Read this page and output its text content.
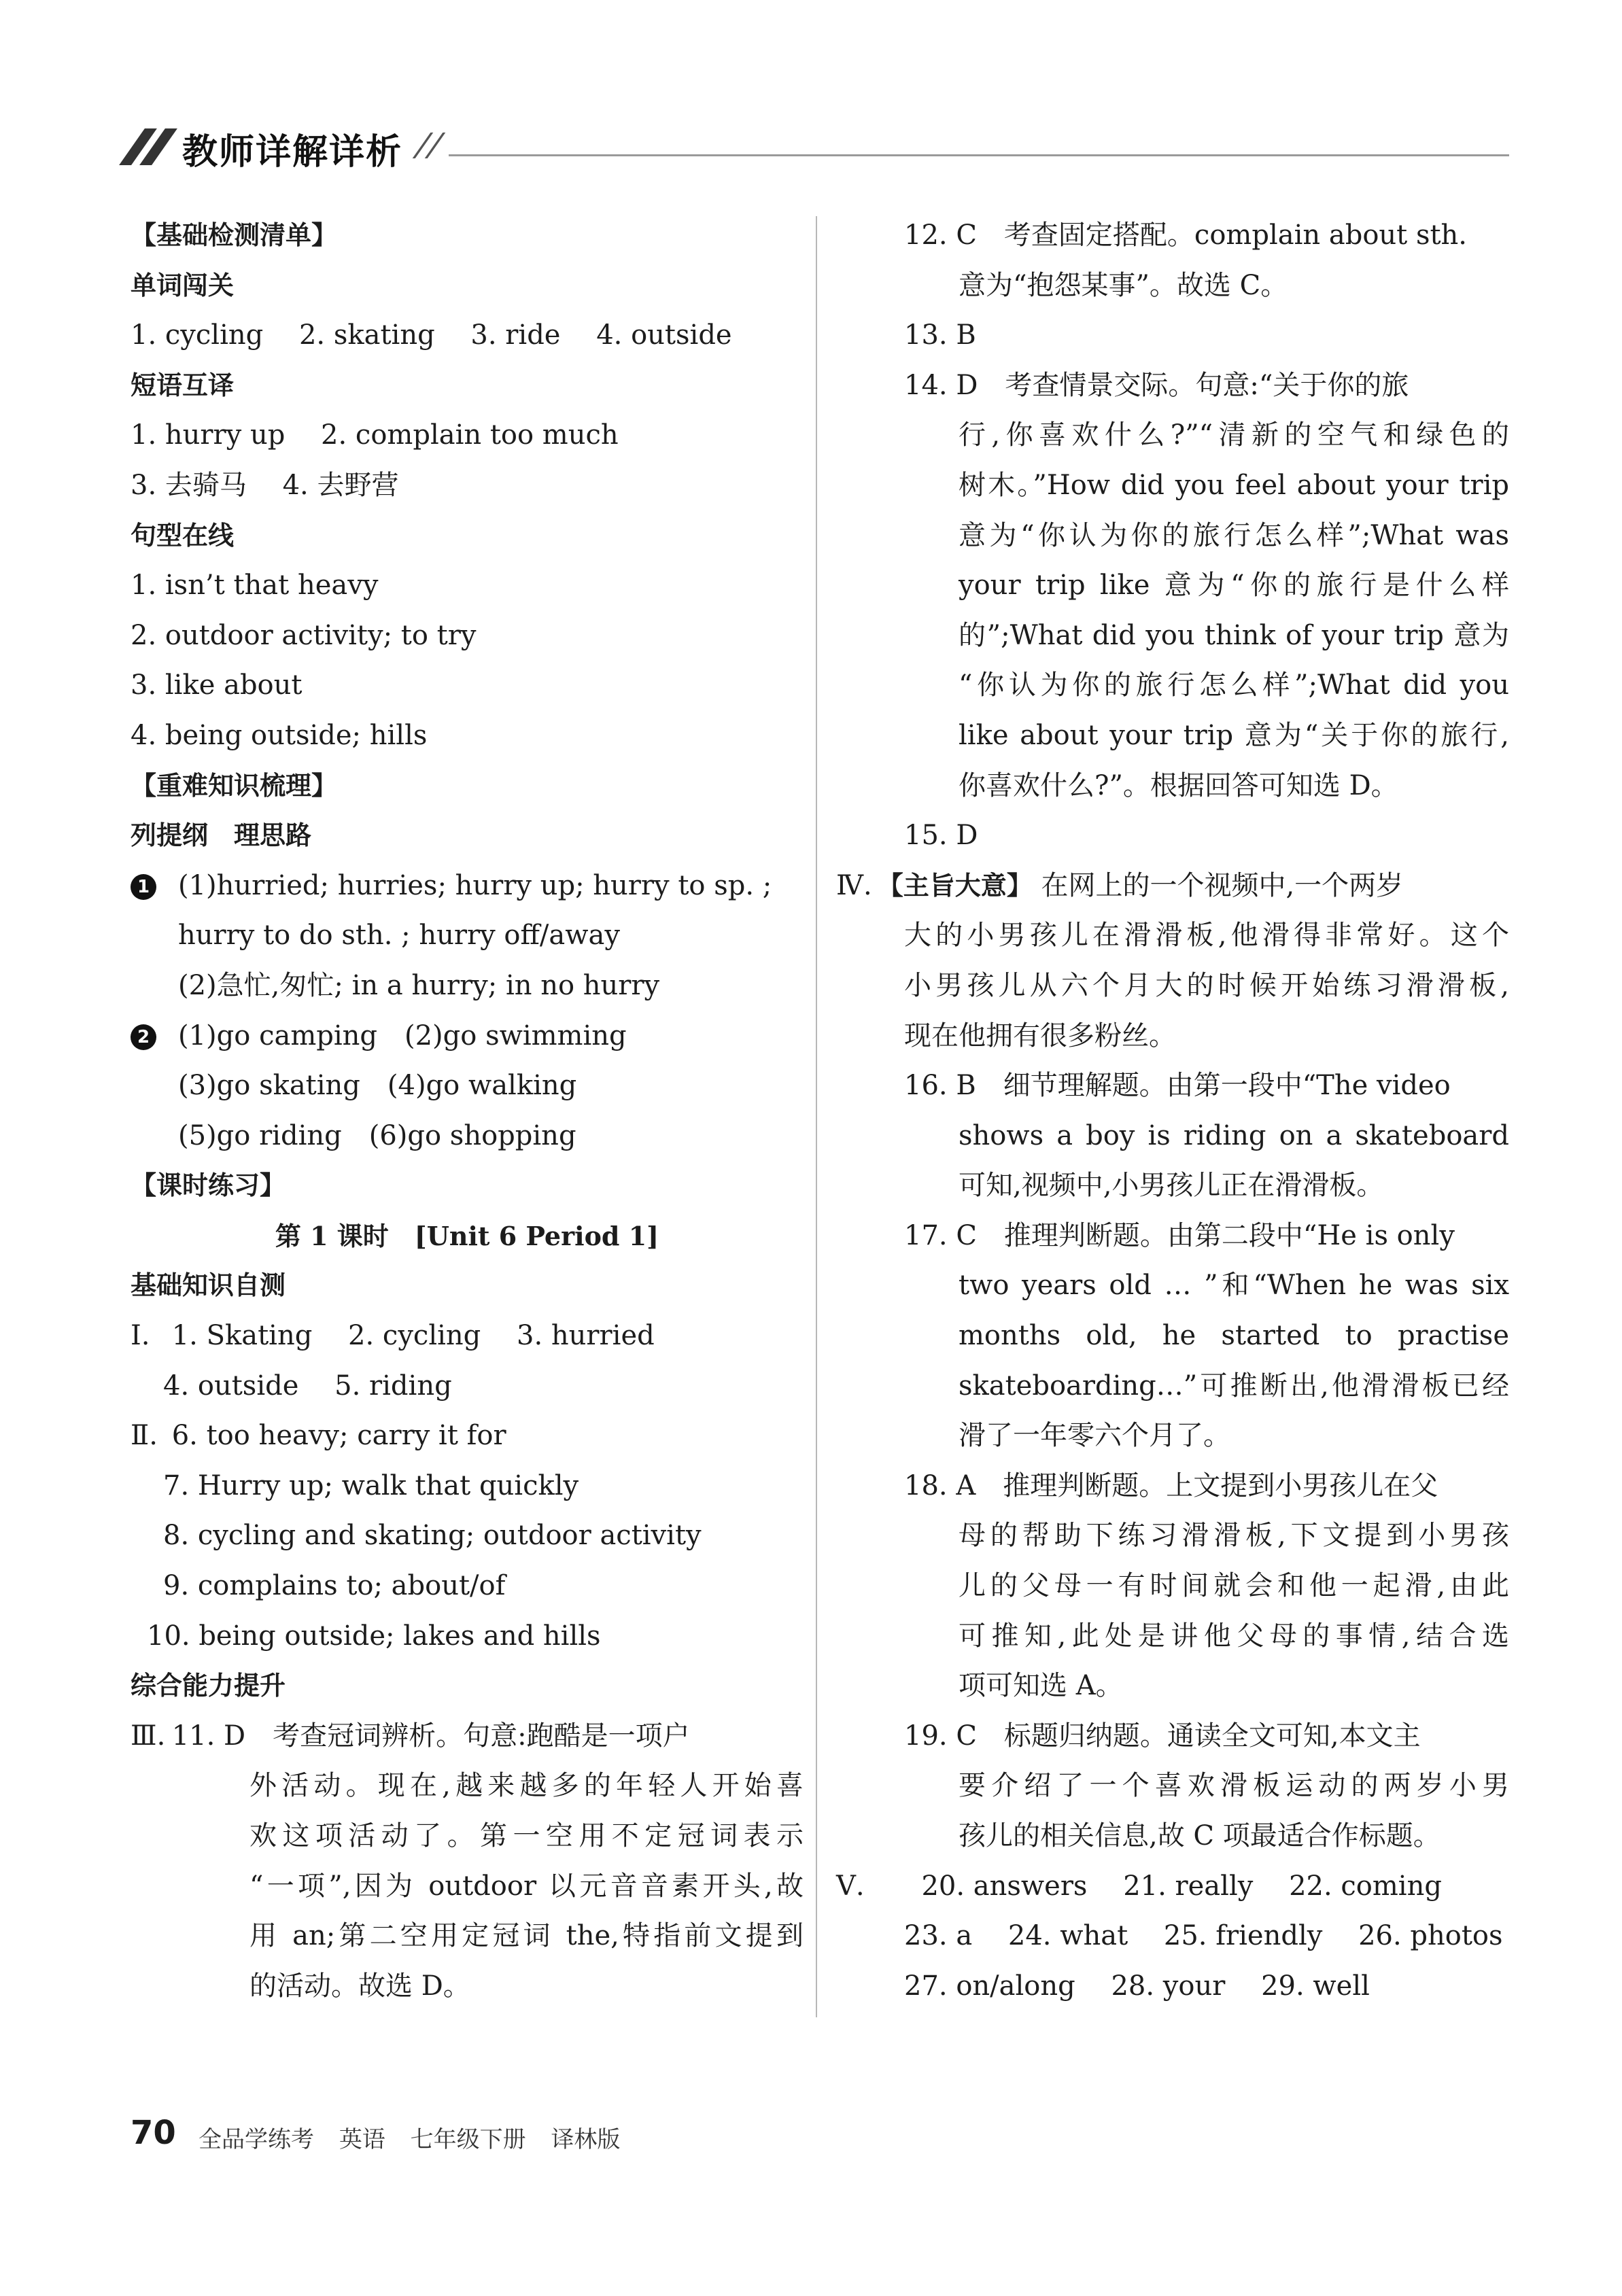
教师详解详析
【基础检测清单】
单词闯关
1. cycling 2. skating 3. ride 4. outside
短语互译
1. hurry up 2. complain too much
3. 去骑马 4. 去野营
句型在线
1. isn’t that heavy
2. outdoor activity; to try
3. like about
4. being outside; hills
【重难知识梳理】
列提纲　理思路
1 (1)hurried; hurries; hurry up; hurry to sp. ;
hurry to do sth. ; hurry off/away
(2)急忙,匆忙; in a hurry; in no hurry
2 (1)go camping　(2)go swimming
(3)go skating　(4)go walking
(5)go riding　(6)go shopping
【课时练习】
第 1 课时　[Unit 6 Period 1]
基础知识自测
Ⅰ. 1. Skating 2. cycling 3. hurried
4. outside 5. riding
Ⅱ. 6. too heavy; carry it for
7. Hurry up; walk that quickly
8. cycling and skating; outdoor activity
9. complains to; about/of
10. being outside; lakes and hills
综合能力提升
Ⅲ. 11. D　考查冠词辨析。句意:跑酷是一项户
外活动。现在,越来越多的年轻人开始喜
欢这项活动了。第一空用不定冠词表示
“一项”,因为 outdoor 以元音音素开头,故
用 an;第二空用定冠词 the,特指前文提到
的活动。故选 D。
12. C　考查固定搭配。complain about sth.
意为“抱怨某事”。故选 C。
13. B
14. D　考查情景交际。句意:“关于你的旅
行,你喜欢什么?”“清新的空气和绿色的
树木。”How did you feel about your trip
意为“你认为你的旅行怎么样”;What was
your trip like 意为“你的旅行是什么样
的”;What did you think of your trip 意为
“你认为你的旅行怎么样”;What did you
like about your trip 意为“关于你的旅行,
你喜欢什么?”。根据回答可知选 D。
15. D
Ⅳ. 【主旨大意】 在网上的一个视频中,一个两岁
大的小男孩儿在滑滑板,他滑得非常好。这个
小男孩儿从六个月大的时候开始练习滑滑板,
现在他拥有很多粉丝。
16. B　细节理解题。由第一段中“The video
shows a boy is riding on a skateboard
可知,视频中,小男孩儿正在滑滑板。
17. C　推理判断题。由第二段中“He is only
two years old … ”和“When he was six
months old, he started to practise
skateboarding…”可推断出,他滑滑板已经
滑了一年零六个月了。
18. A　推理判断题。上文提到小男孩儿在父
母的帮助下练习滑滑板,下文提到小男孩
儿的父母一有时间就会和他一起滑,由此
可推知,此处是讲他父母的事情,结合选
项可知选 A。
19. C　标题归纳题。通读全文可知,本文主
要介绍了一个喜欢滑板运动的两岁小男
孩儿的相关信息,故 C 项最适合作标题。
Ⅴ. 20. answers 21. really 22. coming
23. a 24. what 25. friendly 26. photos
27. on/along 28. your 29. well
70 全品学练考 英语 七年级下册 译林版
